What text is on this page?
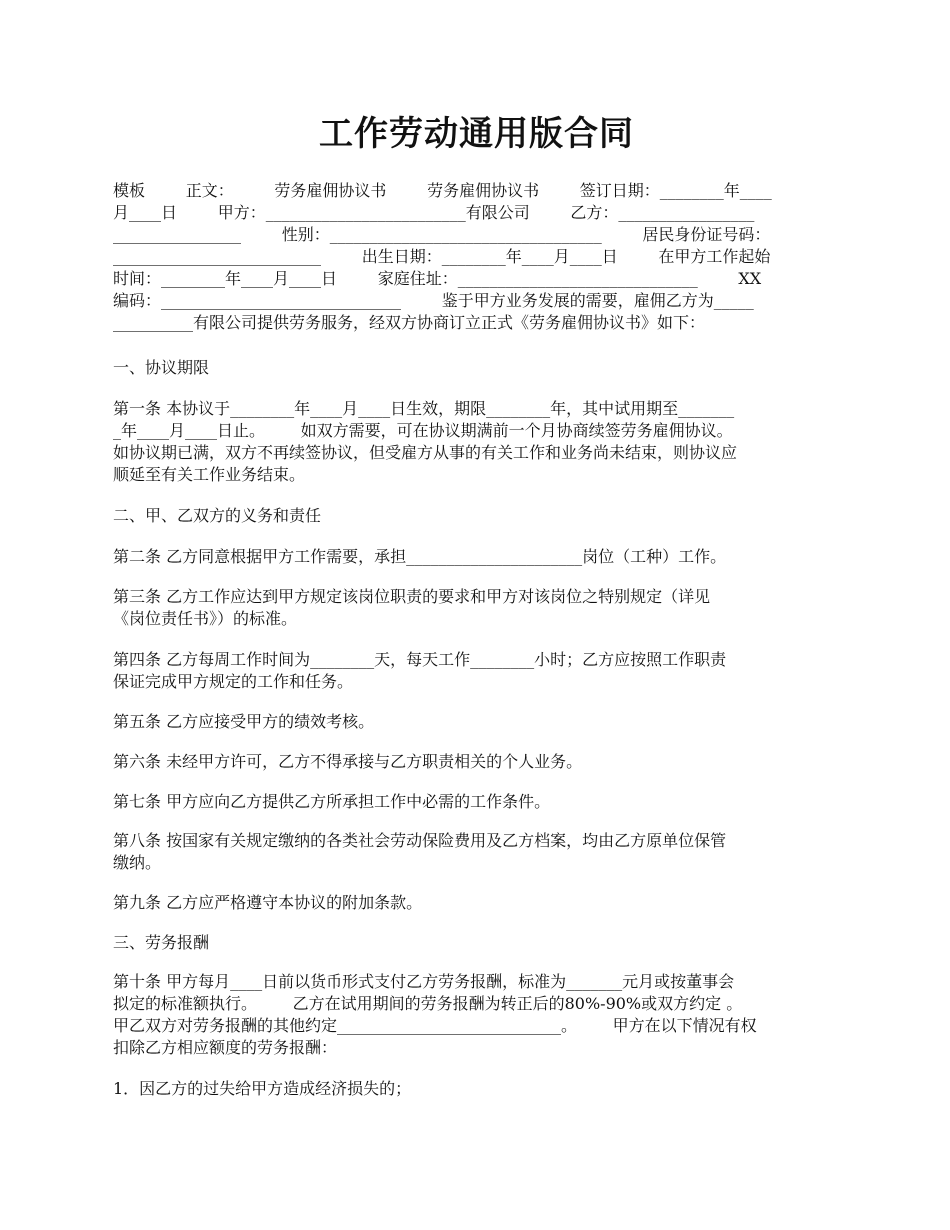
工作劳动通用版合同
模板        正文：        劳务雇佣协议书        劳务雇佣协议书        签订日期：________年____
月____日        甲方：_________________________有限公司        乙方：_________________
________________        性别：__________________________________        居民身份证号码：
__________________________        出生日期：________年____月____日        在甲方工作起始
时间：________年____月____日        家庭住址：______________________________        XX
编码：______________________________        鉴于甲方业务发展的需要，雇佣乙方为_____
__________有限公司提供劳务服务，经双方协商订立正式《劳务雇佣协议书》如下：
一、协议期限
第一条 本协议于________年____月____日生效，期限________年，其中试用期至_______
_年____月____日止。       如双方需要，可在协议期满前一个月协商续签劳务雇佣协议。
如协议期已满，双方不再续签协议，但受雇方从事的有关工作和业务尚未结束，则协议应
顺延至有关工作业务结束。
二、甲、乙双方的义务和责任
第二条 乙方同意根据甲方工作需要，承担______________________岗位（工种）工作。
第三条 乙方工作应达到甲方规定该岗位职责的要求和甲方对该岗位之特别规定（详见
《岗位责任书》）的标准。
第四条 乙方每周工作时间为________天，每天工作________小时；乙方应按照工作职责
保证完成甲方规定的工作和任务。
第五条 乙方应接受甲方的绩效考核。
第六条 未经甲方许可，乙方不得承接与乙方职责相关的个人业务。
第七条 甲方应向乙方提供乙方所承担工作中必需的工作条件。
第八条 按国家有关规定缴纳的各类社会劳动保险费用及乙方档案，均由乙方原单位保管
缴纳。
第九条 乙方应严格遵守本协议的附加条款。
三、劳务报酬
第十条 甲方每月____日前以货币形式支付乙方劳务报酬，标准为_______元月或按董事会
拟定的标准额执行。       乙方在试用期间的劳务报酬为转正后的80%-90%或双方约定 。
甲乙双方对劳务报酬的其他约定____________________________。       甲方在以下情况有权
扣除乙方相应额度的劳务报酬：
1．因乙方的过失给甲方造成经济损失的；
